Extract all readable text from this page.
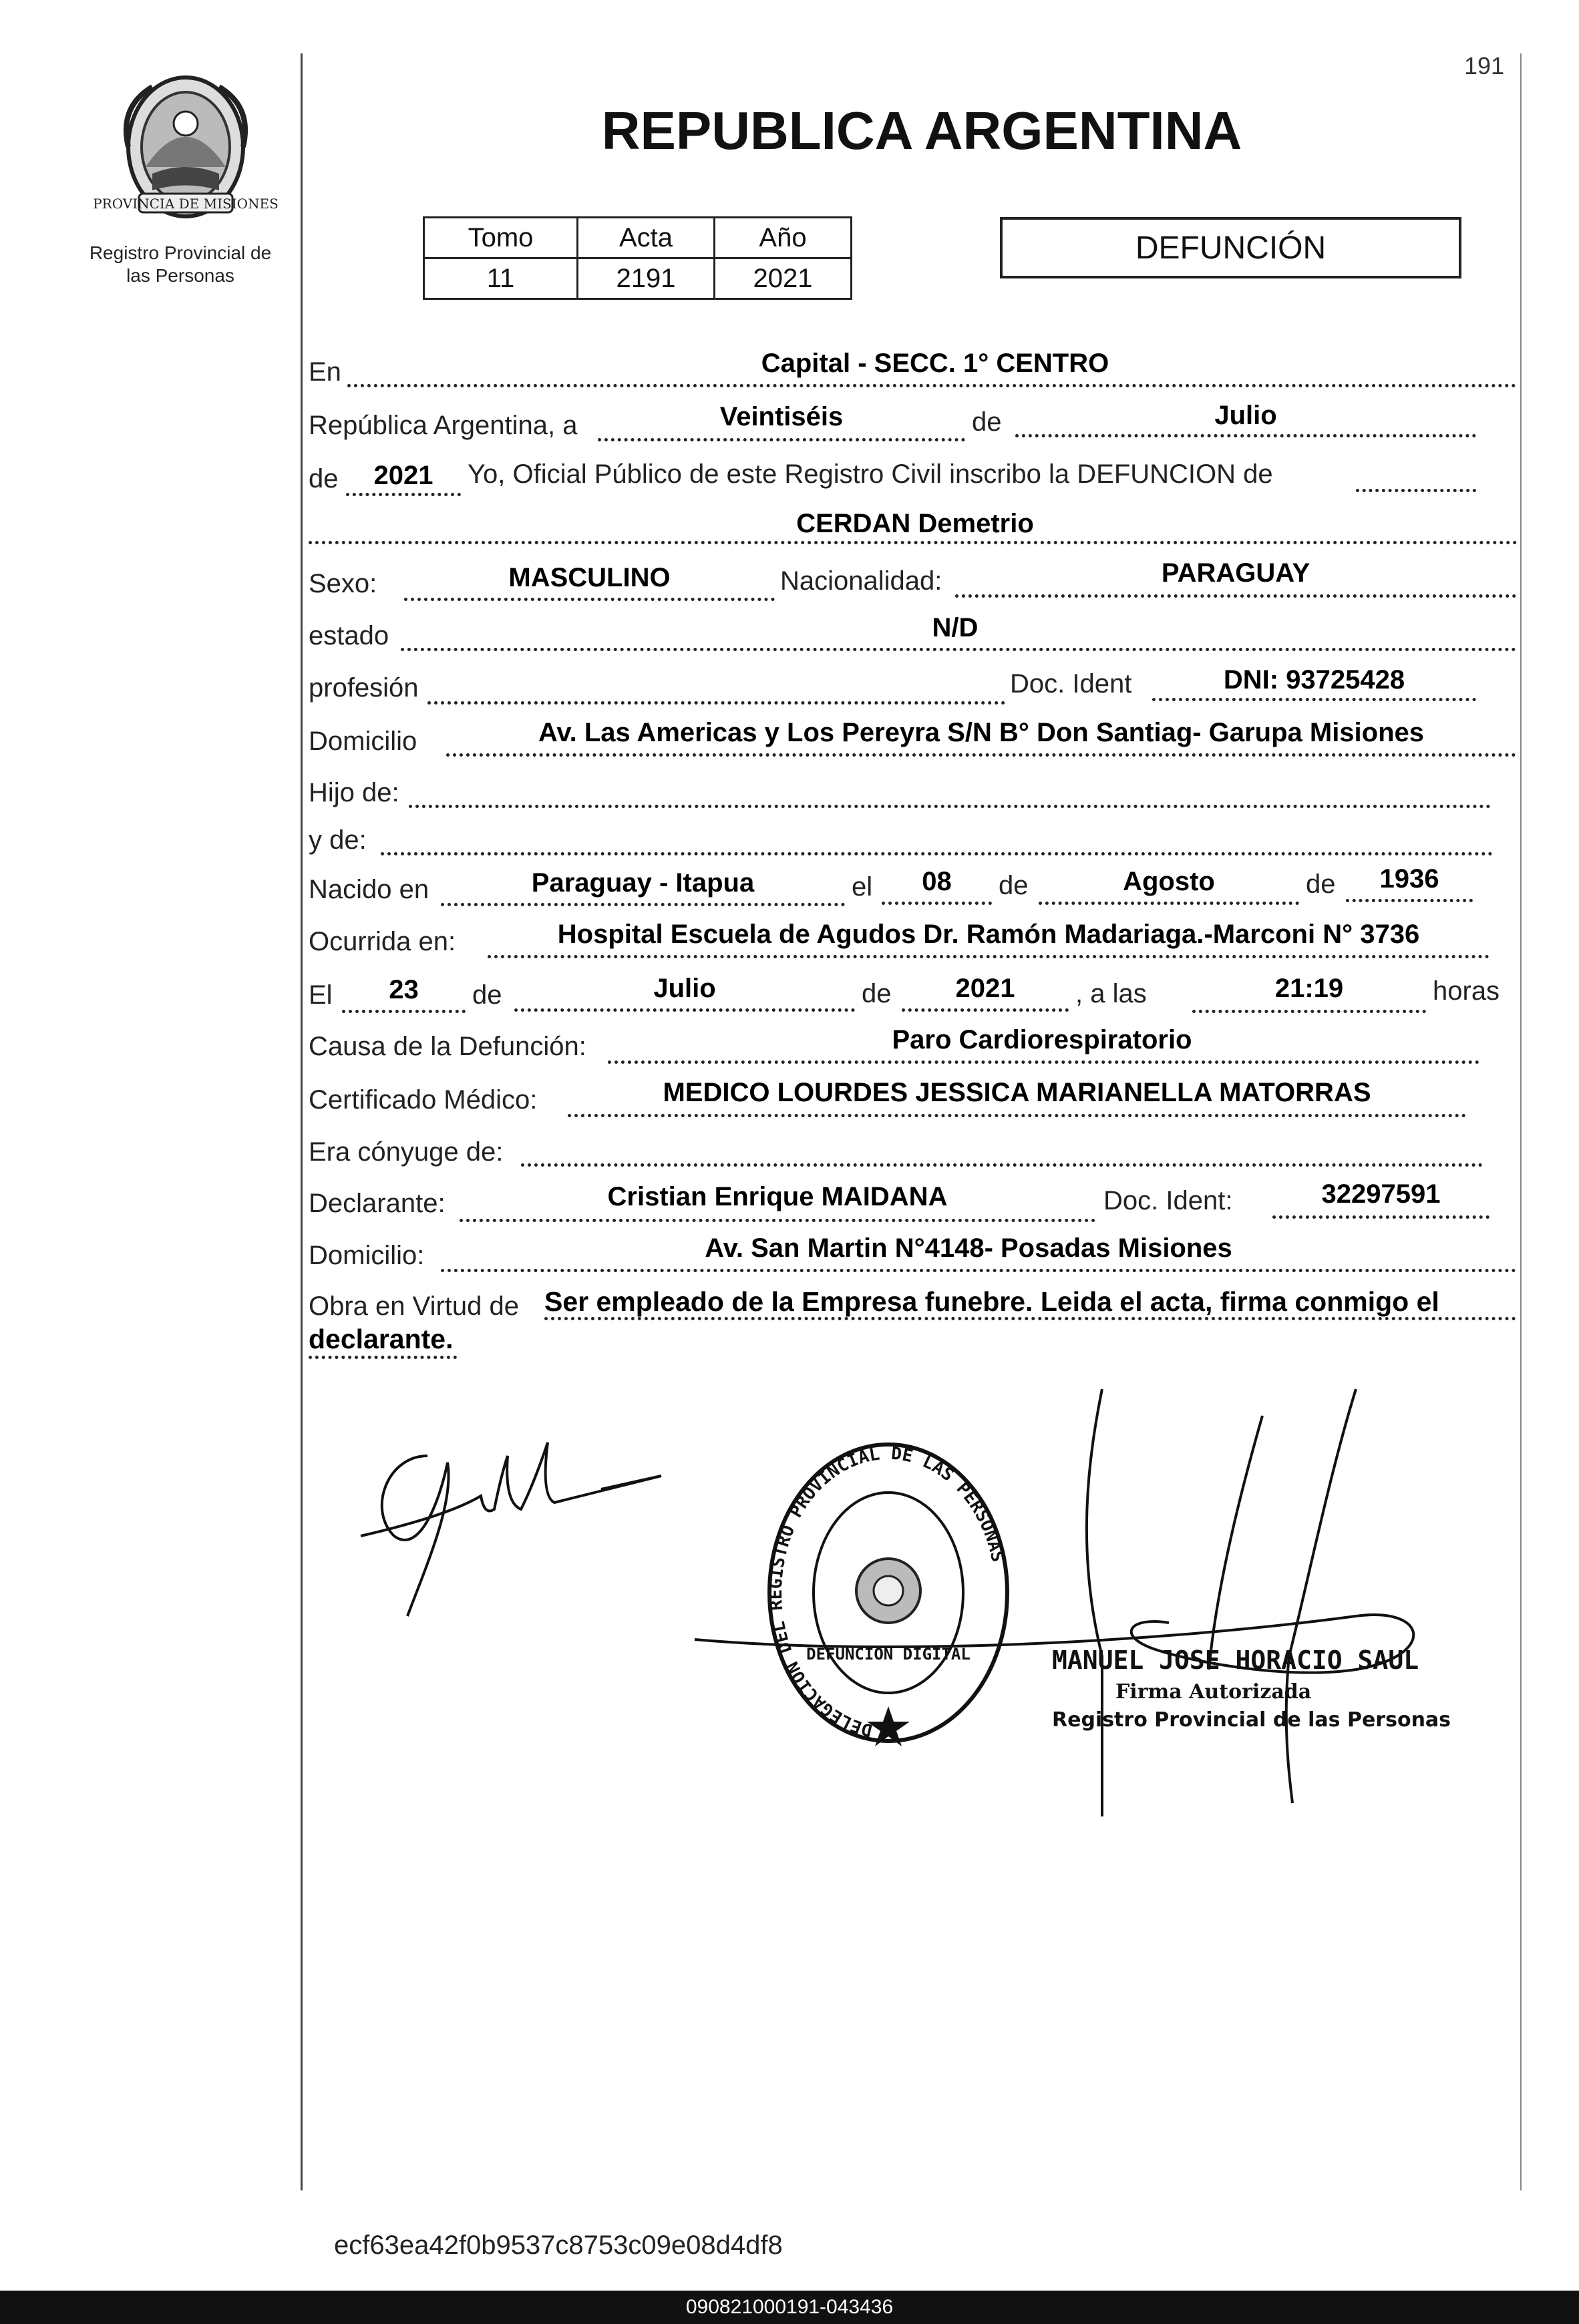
191
PROVINCIA DE MISIONES
Registro Provincial de
las Personas
REPUBLICA ARGENTINA
Tomo	Acta	Año
11	2191	2021
DEFUNCIÓN
En	Capital - SECC. 1° CENTRO
República Argentina, a	Veintiséis	de	Julio
de	2021	Yo, Oficial Público de este Registro Civil inscribo la DEFUNCION de
CERDAN Demetrio
Sexo:	MASCULINO	Nacionalidad:	PARAGUAY
estado	N/D
profesión	Doc. Ident	DNI: 93725428
Domicilio	Av. Las Americas y Los Pereyra S/N B° Don Santiag- Garupa Misiones
Hijo de:
y de:
Nacido en	Paraguay - Itapua	el	08	de	Agosto	de	1936
Ocurrida en:	Hospital Escuela de Agudos Dr. Ramón Madariaga.-Marconi N° 3736
El	23	de	Julio	de	2021	, a las	21:19	horas
Causa de la Defunción:	Paro Cardiorespiratorio
Certificado Médico:	MEDICO LOURDES JESSICA MARIANELLA MATORRAS
Era cónyuge de:
Declarante:	Cristian Enrique MAIDANA	Doc. Ident:	32297591
Domicilio:	Av. San Martin N°4148- Posadas Misiones
Obra en Virtud de Ser empleado de la Empresa funebre. Leida el acta, firma conmigo el
declarante.
DELEGACION DEL REGISTRO PROVINCIAL DE LAS PERSONAS
DEFUNCION DIGITAL	MANUEL JOSE HORACIO SAUL
Firma Autorizada
Registro Provincial de las Personas
ecf63ea42f0b9537c8753c09e08d4df8
090821000191-043436
